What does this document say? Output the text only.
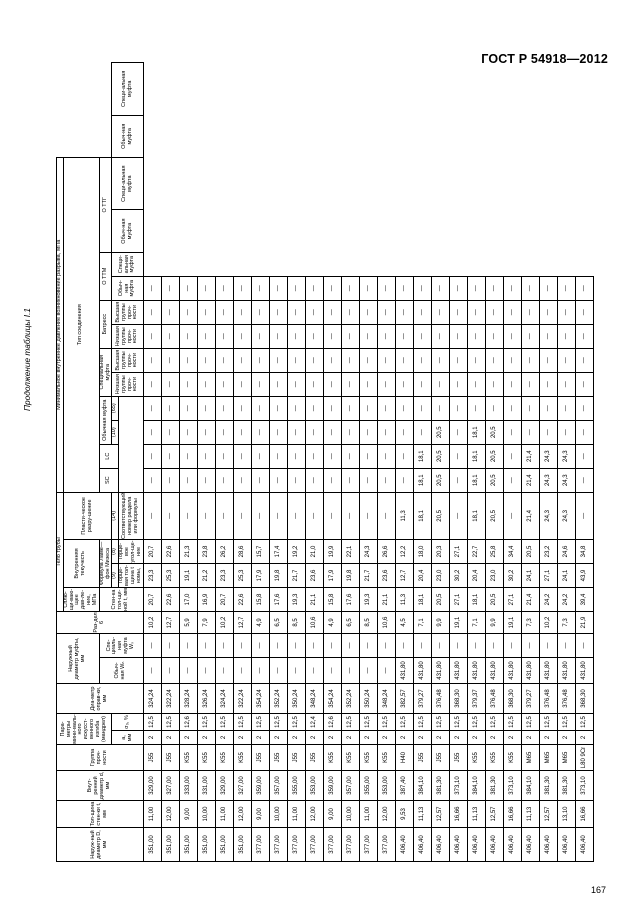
ГОСТ Р 54918—2012
Продолжение таблицы I.1
167
Наруж-ный диаметр D, мм	Тол-щина стен-ки t, мм	Внут-ренний диаметр d, мм	Группа проч-ности	Пара-метры мини-маль-ного искусст-венного изгиба (мандрел)		Диа-метр оправ-ки, мм	Наружный диаметр муфты, мм		Раз-дел 6	Тело трубы				Минимальное внутреннее давление возникновение разрыва, МПа													
										Сплю-щи-ваю-щее дав-ле-ние, МПа	Внутренняя текучесть		Пласти-ческое разру-шение	Тип соединения													
							Обыч-ная Wₙ	Спе-циаль-ная муфта Wₛ		Стен-ка тол-щи-ной t, мм	Формула Ламе—фон Мизеса			SC	LC	Обычная муфта		Специальная муфта		Батресс		О ТТМ		О ТТГ			
				a, мм	σ₀, %						(9)	(8)	(14)			(10)	(65)	Низшая группы проч-ности	Высшая группы проч-ности	Низшая группы проч-ности	Высшая группы проч-ности	Обыч-ная муфта	Специ-альная муфта	Обыч-ная муфта	Специ-альная муфта	Обыч-ная муфта	Специ-альная муфта
											Торце-вая тол-щина t номы,	Торце-вое угол-ще-ние	Соответствующий номер раздела или формулы														
351,00	11,00	329,00	J55	2	12,5	324,24	—	—	10,2	20,7	23,3	20,7	—	—	—	—	—	—	—	—	—	—					
351,00	12,00	327,00	J55	2	12,5	322,24	—	—	12,7	22,6	25,3	22,6	—	—	—	—	—	—	—	—	—	—					
351,00	9,00	333,00	K55	2	12,6	328,24	—	—	5,9	17,0	19,1	21,3	—	—	—	—	—	—	—	—	—	—					
351,00	10,00	331,00	K55	2	12,5	326,24	—	—	7,9	16,9	21,2	23,8	—	—	—	—	—	—	—	—	—	—					
351,00	11,00	329,00	K55	2	12,5	324,24	—	—	10,2	20,7	23,3	26,2	—	—	—	—	—	—	—	—	—	—					
351,00	12,00	327,00	K55	2	12,5	322,24	—	—	12,7	22,6	25,3	28,6	—	—	—	—	—	—	—	—	—	—					
377,00	9,00	359,00	J55	2	12,5	354,24	—	—	4,9	15,8	17,9	15,7	—	—	—	—	—	—	—	—	—	—					
377,00	10,00	357,00	J55	2	12,5	352,24	—	—	6,5	17,6	19,8	17,4	—	—	—	—	—	—	—	—	—	—					
377,00	11,00	355,00	J55	2	12,5	350,24	—	—	8,5	19,3	21,7	19,2	—	—	—	—	—	—	—	—	—	—					
377,00	12,00	353,00	J55	2	12,4	348,24	—	—	10,6	21,1	23,6	21,0	—	—	—	—	—	—	—	—	—	—					
377,00	9,00	359,00	K55	2	12,6	354,24	—	—	4,9	15,8	17,9	19,9	—	—	—	—	—	—	—	—	—	—					
377,00	10,00	357,00	K55	2	12,5	352,24	—	—	6,5	17,6	19,8	22,1	—	—	—	—	—	—	—	—	—	—					
377,00	11,00	355,00	K55	2	12,5	350,24	—	—	8,5	19,3	21,7	24,3	—	—	—	—	—	—	—	—	—	—					
377,00	12,00	353,00	K55	2	12,5	348,24	—	—	10,6	21,1	23,6	26,6	—	—	—	—	—	—	—	—	—	—					
406,40	9,53	387,40	H40	2	12,5	382,57	431,80	—	4,5	11,3	12,7	12,2	11,3	—	—	—	—	—	—	—	—	—					
406,40	11,13	384,10	J55	2	12,5	379,27	431,80	—	7,1	18,1	20,4	18,0	18,1	18,1	18,1	—	—	—	—	—	—	—					
406,40	12,57	381,30	J55	2	12,5	376,48	431,80	—	9,9	20,5	23,0	20,3	20,5	20,5	20,5	20,5	—	—	—	—	—	—					
406,40	16,66	373,10	J55	2	12,5	368,30	431,80	—	19,1	27,1	30,2	27,1	—	—	—	—	—	—	—	—	—	—					
406,40	11,13	384,10	K55	2	12,5	379,37	431,80	—	7,1	18,1	20,4	22,7	18,1	18,1	18,1	18,1	—	—	—	—	—	—					
406,40	12,57	381,30	K55	2	12,5	376,48	431,80	—	9,9	20,5	23,0	25,8	20,5	20,5	20,5	20,5	—	—	—	—	—	—					
406,40	16,66	373,10	K55	2	12,5	368,30	431,80	—	19,1	27,1	30,2	34,4	—	—	—	—	—	—	—	—	—	—					
406,40	11,13	384,10	M65	2	12,5	379,27	431,80	—	7,3	21,4	24,1	20,5	21,4	21,4	21,4	—	—	—	—	—	—	—					
406,40	12,57	381,30	M65	2	12,5	376,48	431,80	—	10,2	24,2	27,1	23,2	24,3	24,3	24,3	—	—	—	—	—	—	—					
406,40	13,10	381,30	M65	2	12,5	376,48	431,80	—	7,3	24,2	24,1	24,6	24,3	24,3	24,3	—	—	—	—	—	—	—					
406,40	16,66	373,10	L80 9Cr	2	12,5	368,30	431,80	—	21,9	39,4	43,9	34,8	—	—	—	—	—	—	—	—	—	—					
